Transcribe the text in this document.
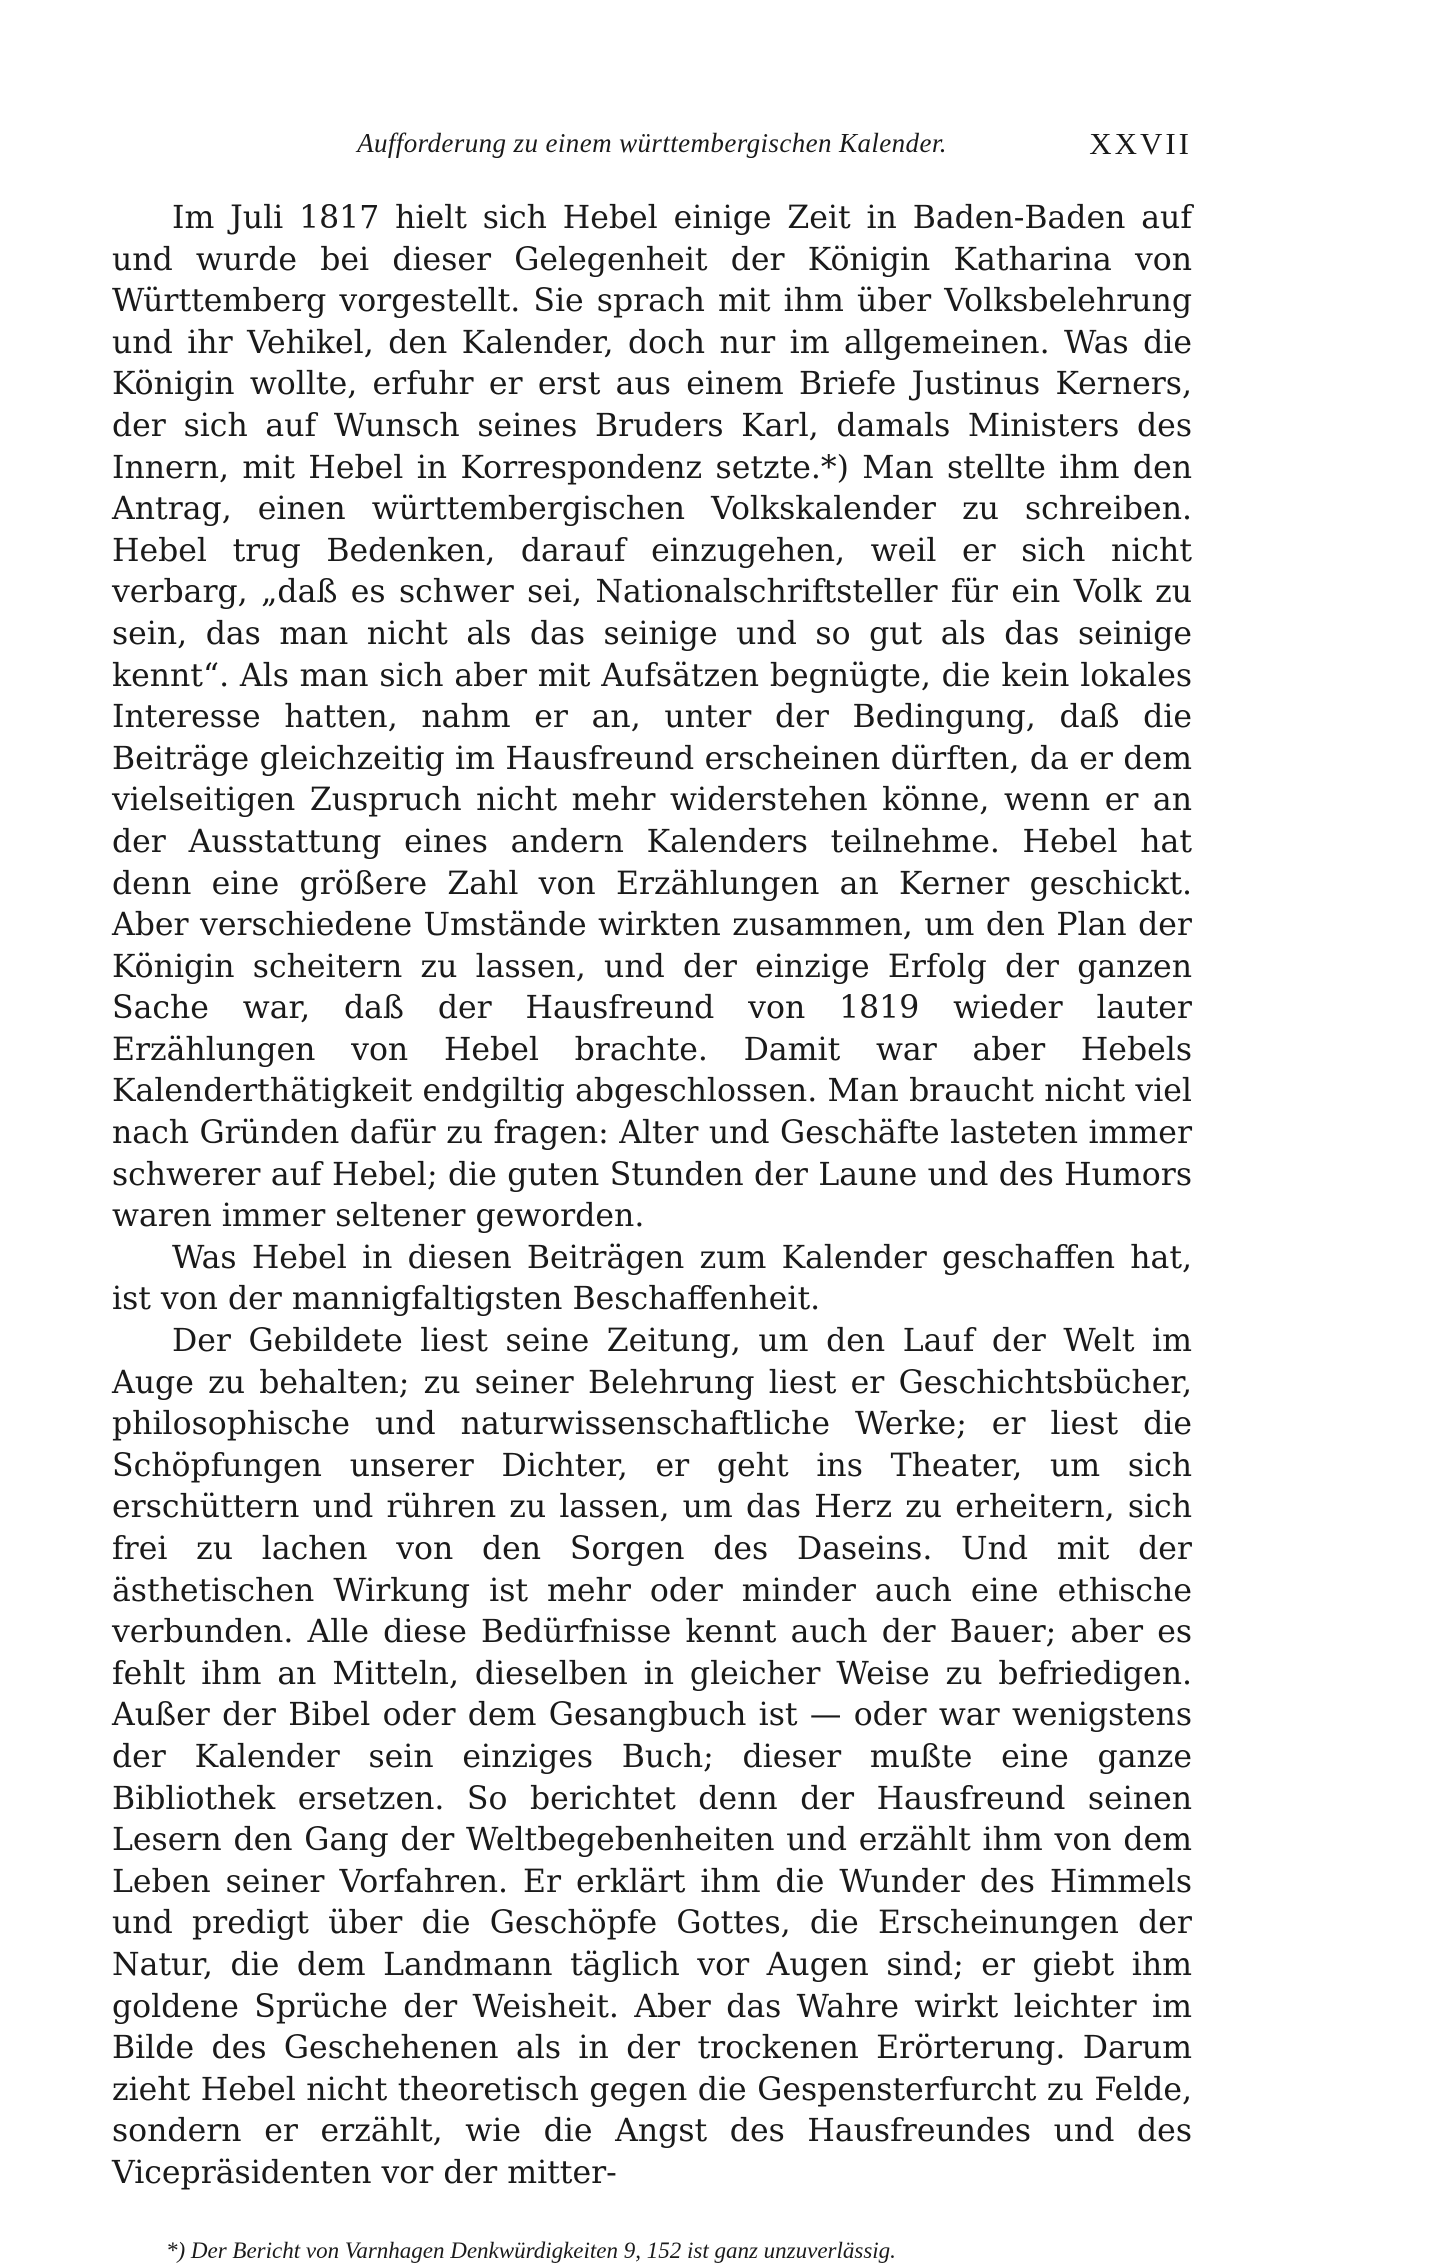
Aufforderung zu einem württembergischen Kalender.	XXVII

Im Juli 1817 hielt sich Hebel einige Zeit in Baden-Baden auf und wurde bei dieser Gelegenheit der Königin Katharina von Württemberg vorgestellt. Sie sprach mit ihm über Volksbelehrung und ihr Vehikel, den Kalender, doch nur im allgemeinen. Was die Königin wollte, erfuhr er erst aus einem Briefe Justinus Kerners, der sich auf Wunsch seines Bruders Karl, damals Ministers des Innern, mit Hebel in Korrespondenz setzte.*) Man stellte ihm den Antrag, einen württembergischen Volkskalender zu schreiben. Hebel trug Bedenken, darauf einzugehen, weil er sich nicht verbarg, „daß es schwer sei, Nationalschriftsteller für ein Volk zu sein, das man nicht als das seinige und so gut als das seinige kennt“. Als man sich aber mit Aufsätzen begnügte, die kein lokales Interesse hatten, nahm er an, unter der Bedingung, daß die Beiträge gleichzeitig im Hausfreund erscheinen dürften, da er dem vielseitigen Zuspruch nicht mehr widerstehen könne, wenn er an der Ausstattung eines andern Kalenders teilnehme. Hebel hat denn eine größere Zahl von Erzählungen an Kerner geschickt. Aber verschiedene Umstände wirkten zusammen, um den Plan der Königin scheitern zu lassen, und der einzige Erfolg der ganzen Sache war, daß der Hausfreund von 1819 wieder lauter Erzählungen von Hebel brachte. Damit war aber Hebels Kalenderthätigkeit endgiltig abgeschlossen. Man braucht nicht viel nach Gründen dafür zu fragen: Alter und Geschäfte lasteten immer schwerer auf Hebel; die guten Stunden der Laune und des Humors waren immer seltener geworden.

Was Hebel in diesen Beiträgen zum Kalender geschaffen hat, ist von der mannigfaltigsten Beschaffenheit.

Der Gebildete liest seine Zeitung, um den Lauf der Welt im Auge zu behalten; zu seiner Belehrung liest er Geschichtsbücher, philosophische und naturwissenschaftliche Werke; er liest die Schöpfungen unserer Dichter, er geht ins Theater, um sich erschüttern und rühren zu lassen, um das Herz zu erheitern, sich frei zu lachen von den Sorgen des Daseins. Und mit der ästhetischen Wirkung ist mehr oder minder auch eine ethische verbunden. Alle diese Bedürfnisse kennt auch der Bauer; aber es fehlt ihm an Mitteln, dieselben in gleicher Weise zu befriedigen. Außer der Bibel oder dem Gesangbuch ist — oder war wenigstens der Kalender sein einziges Buch; dieser mußte eine ganze Bibliothek ersetzen. So berichtet denn der Hausfreund seinen Lesern den Gang der Weltbegebenheiten und erzählt ihm von dem Leben seiner Vorfahren. Er erklärt ihm die Wunder des Himmels und predigt über die Geschöpfe Gottes, die Erscheinungen der Natur, die dem Landmann täglich vor Augen sind; er giebt ihm goldene Sprüche der Weisheit. Aber das Wahre wirkt leichter im Bilde des Geschehenen als in der trockenen Erörterung. Darum zieht Hebel nicht theoretisch gegen die Gespensterfurcht zu Felde, sondern er erzählt, wie die Angst des Hausfreundes und des Vicepräsidenten vor der mitter-

*) Der Bericht von Varnhagen Denkwürdigkeiten 9, 152 ist ganz unzuverlässig.
